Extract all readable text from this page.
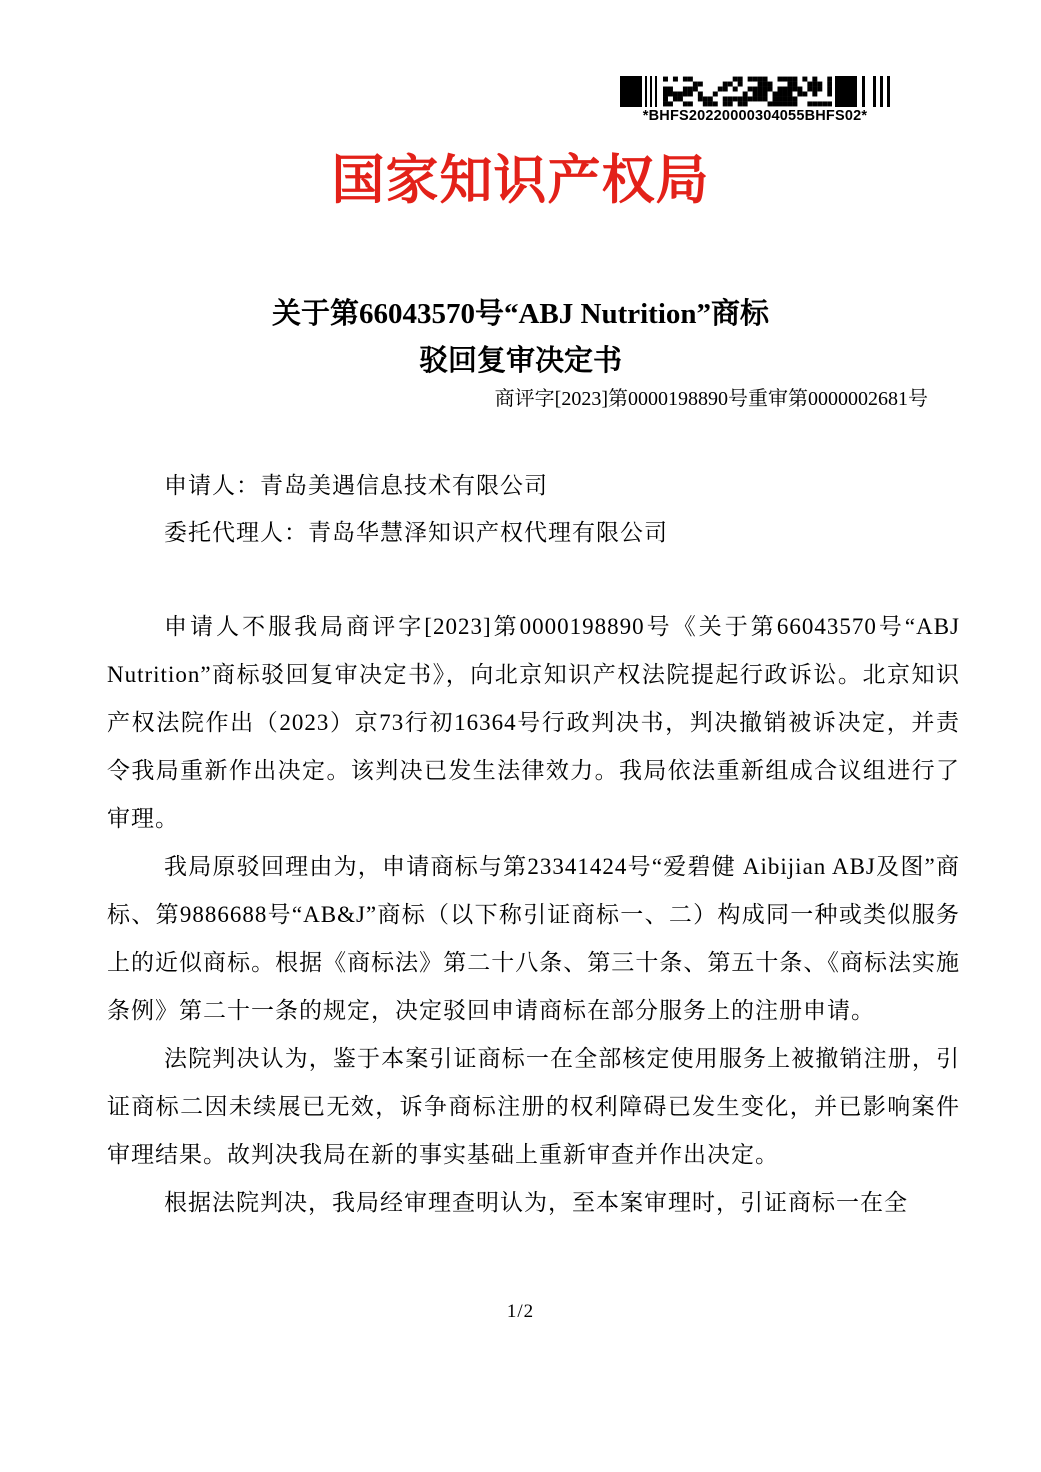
*BHFS20220000304055BHFS02*
国家知识产权局
关于第66043570号“ABJ Nutrition”商标
驳回复审决定书
商评字[2023]第0000198890号重审第0000002681号

申请人：青岛美遇信息技术有限公司

委托代理人：青岛华慧泽知识产权代理有限公司

申请人不服我局商评字[2023]第0000198890号《关于第66043570号“ABJ Nutrition”商标驳回复审决定书》，向北京知识产权法院提起行政诉讼。北京知识产权法院作出（2023）京73行初16364号行政判决书，判决撤销被诉决定，并责令我局重新作出决定。该判决已发生法律效力。我局依法重新组成合议组进行了审理。

我局原驳回理由为，申请商标与第23341424号“爱碧健 Aibijian ABJ及图”商标、第9886688号“AB&J”商标（以下称引证商标一、二）构成同一种或类似服务上的近似商标。根据《商标法》第二十八条、第三十条、第五十条、《商标法实施条例》第二十一条的规定，决定驳回申请商标在部分服务上的注册申请。

法院判决认为，鉴于本案引证商标一在全部核定使用服务上被撤销注册，引证商标二因未续展已无效，诉争商标注册的权利障碍已发生变化，并已影响案件审理结果。故判决我局在新的事实基础上重新审查并作出决定。

根据法院判决，我局经审理查明认为，至本案审理时，引证商标一在全

1/2
